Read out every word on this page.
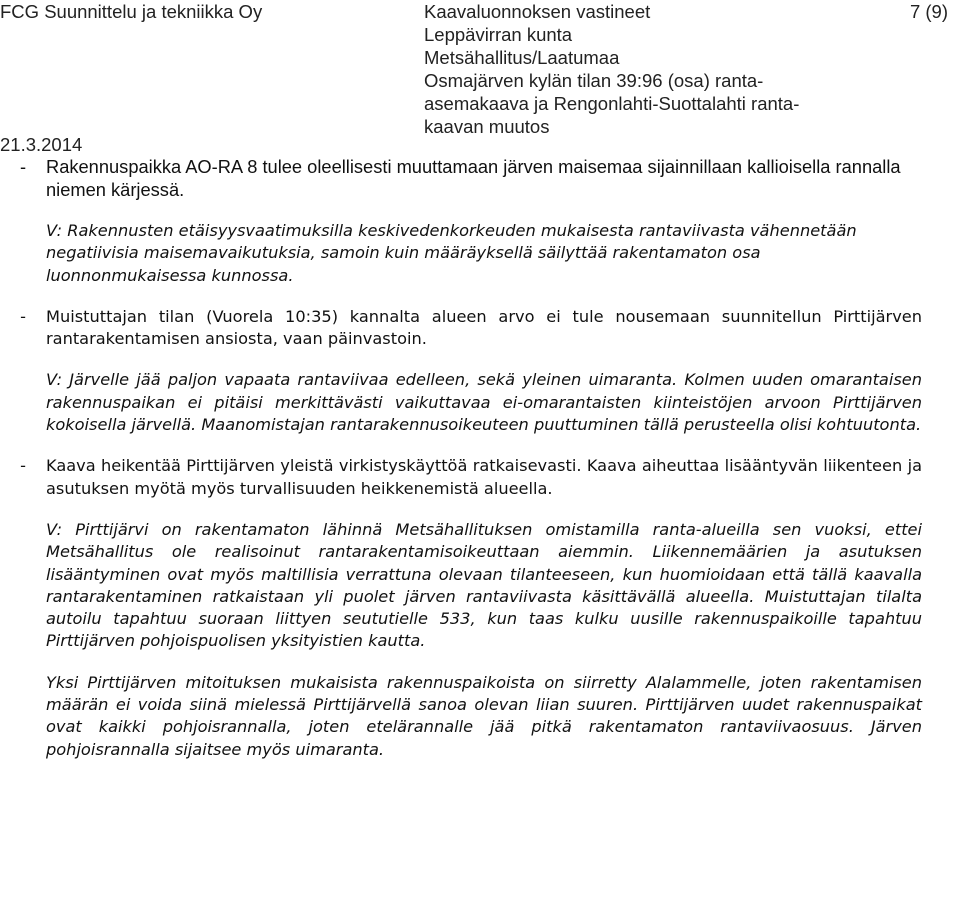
FCG Suunnittelu ja tekniikka Oy	Kaavaluonnoksen vastineet
Leppävirran kunta
Metsähallitus/Laatumaa
Osmajärven kylän tilan 39:96 (osa) ranta-
asemakaava ja Rengonlahti-Suottalahti ranta-
kaavan muutos
7 (9)
21.3.2014
-	Rakennuspaikka AO-RA 8 tulee oleellisesti muuttamaan järven maisemaa sijainnillaan kallioisella rannalla niemen kärjessä.

V: Rakennusten etäisyysvaatimuksilla keskivedenkorkeuden mukaisesta rantaviivasta vähennetään negatiivisia maisemavaikutuksia, samoin kuin määräyksellä säilyttää rakentamaton osa luonnonmukaisessa kunnossa.

-	Muistuttajan tilan (Vuorela 10:35) kannalta alueen arvo ei tule nousemaan suunnitellun Pirttijärven rantarakentamisen ansiosta, vaan päinvastoin.

V: Järvelle jää paljon vapaata rantaviivaa edelleen, sekä yleinen uimaranta. Kolmen uuden omarantaisen rakennuspaikan ei pitäisi merkittävästi vaikuttavaa ei-omarantaisten kiinteistöjen arvoon Pirttijärven kokoisella järvellä. Maanomistajan rantarakennusoikeuteen puuttuminen tällä perusteella olisi kohtuutonta.

-	Kaava heikentää Pirttijärven yleistä virkistyskäyttöä ratkaisevasti. Kaava aiheuttaa lisääntyvän liikenteen ja asutuksen myötä myös turvallisuuden heikkenemistä alueella.

V: Pirttijärvi on rakentamaton lähinnä Metsähallituksen omistamilla ranta-alueilla sen vuoksi, ettei Metsähallitus ole realisoinut rantarakentamisoikeuttaan aiemmin. Liikennemäärien ja asutuksen lisääntyminen ovat myös maltillisia verrattuna olevaan tilanteeseen, kun huomioidaan että tällä kaavalla rantarakentaminen ratkaistaan yli puolet järven rantaviivasta käsittävällä alueella. Muistuttajan tilalta autoilu tapahtuu suoraan liittyen seututielle 533, kun taas kulku uusille rakennuspaikoille tapahtuu Pirttijärven pohjoispuolisen yksityistien kautta.

Yksi Pirttijärven mitoituksen mukaisista rakennuspaikoista on siirretty Alalammelle, joten rakentamisen määrän ei voida siinä mielessä Pirttijärvellä sanoa olevan liian suuren. Pirttijärven uudet rakennuspaikat ovat kaikki pohjoisrannalla, joten etelärannalle jää pitkä rakentamaton rantaviivaosuus. Järven pohjoisrannalla sijaitsee myös uimaranta.
